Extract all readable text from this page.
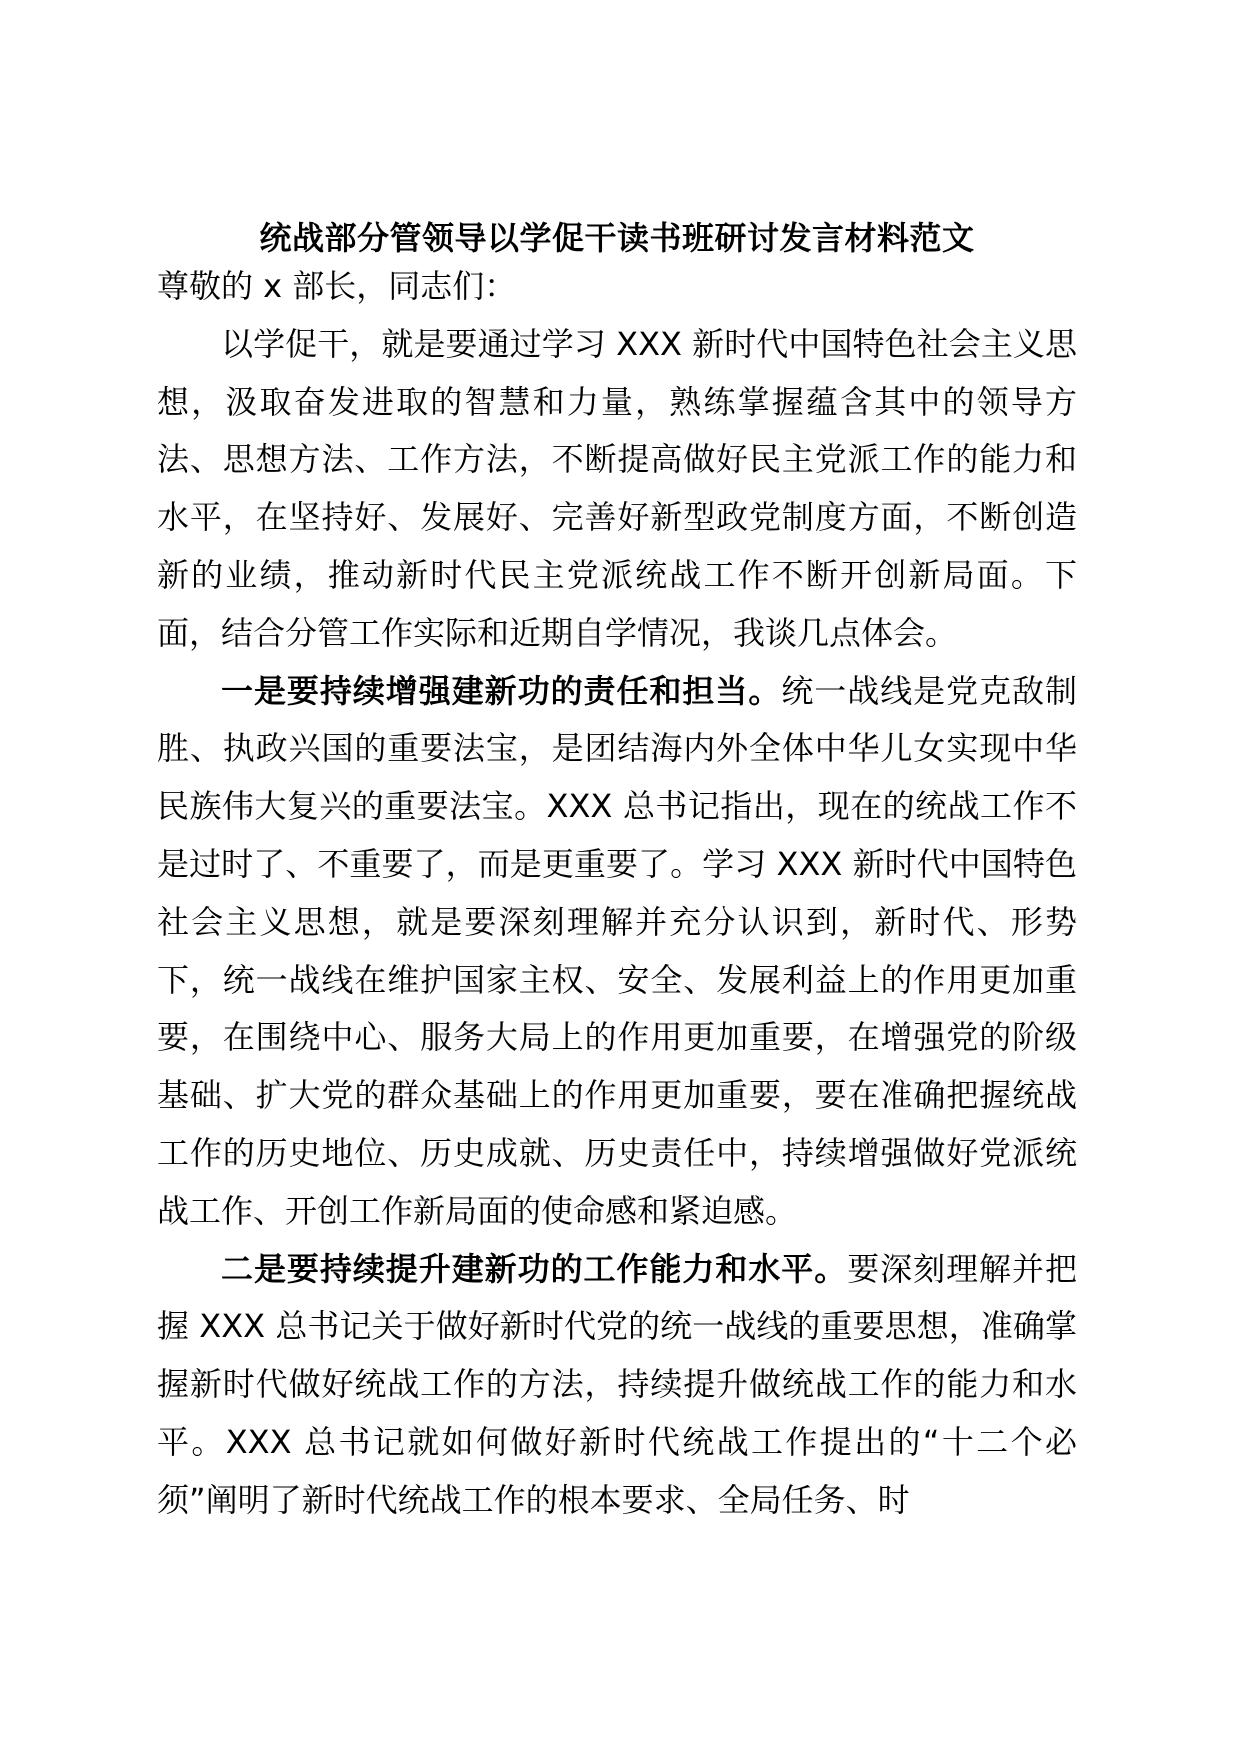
统战部分管领导以学促干读书班研讨发言材料范文

尊敬的 x 部长，同志们：

以学促干，就是要通过学习 XXX 新时代中国特色社会主义思想，汲取奋发进取的智慧和力量，熟练掌握蕴含其中的领导方法、思想方法、工作方法，不断提高做好民主党派工作的能力和水平，在坚持好、发展好、完善好新型政党制度方面，不断创造新的业绩，推动新时代民主党派统战工作不断开创新局面。下面，结合分管工作实际和近期自学情况，我谈几点体会。

一是要持续增强建新功的责任和担当。统一战线是党克敌制胜、执政兴国的重要法宝，是团结海内外全体中华儿女实现中华民族伟大复兴的重要法宝。XXX 总书记指出，现在的统战工作不是过时了、不重要了，而是更重要了。学习 XXX 新时代中国特色社会主义思想，就是要深刻理解并充分认识到，新时代、形势下，统一战线在维护国家主权、安全、发展利益上的作用更加重要，在围绕中心、服务大局上的作用更加重要，在增强党的阶级基础、扩大党的群众基础上的作用更加重要，要在准确把握统战工作的历史地位、历史成就、历史责任中，持续增强做好党派统战工作、开创工作新局面的使命感和紧迫感。

二是要持续提升建新功的工作能力和水平。要深刻理解并把握 XXX 总书记关于做好新时代党的统一战线的重要思想，准确掌握新时代做好统战工作的方法，持续提升做统战工作的能力和水平。XXX 总书记就如何做好新时代统战工作提出的“十二个必须”阐明了新时代统战工作的根本要求、全局任务、时
